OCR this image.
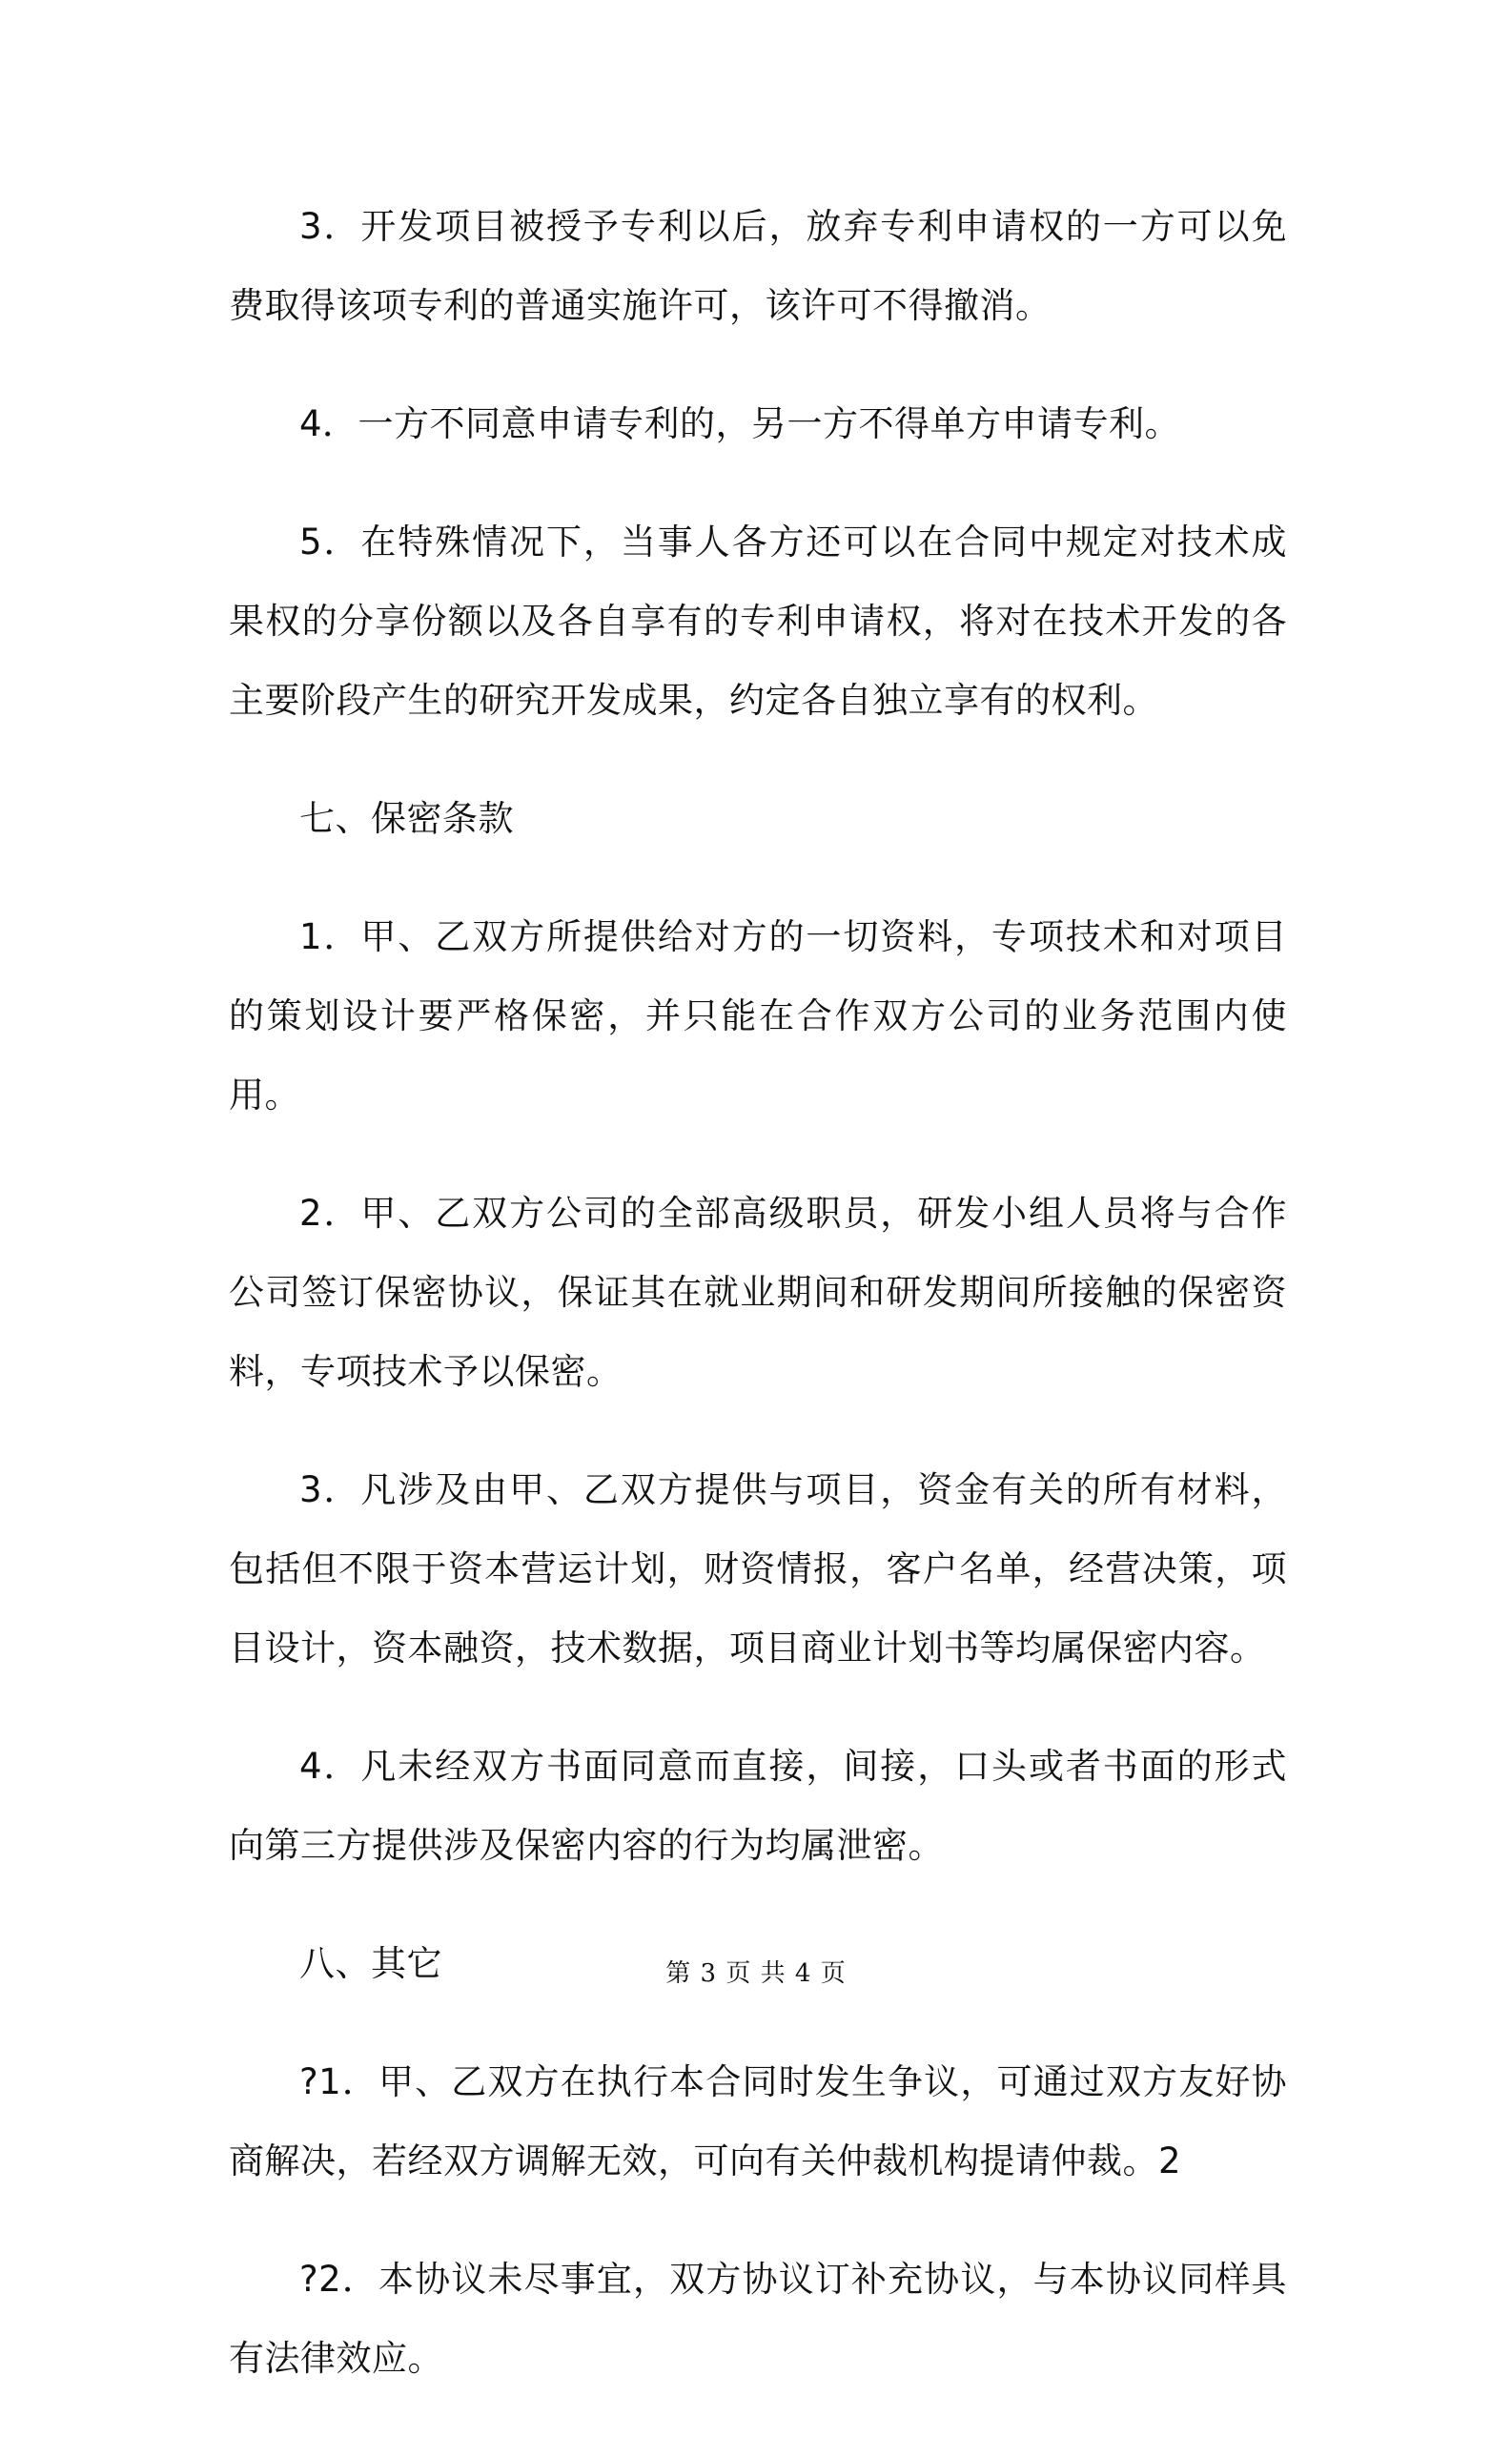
3．开发项目被授予专利以后，放弃专利申请权的一方可以免费取得该项专利的普通实施许可，该许可不得撤消。

4．一方不同意申请专利的，另一方不得单方申请专利。

5．在特殊情况下，当事人各方还可以在合同中规定对技术成果权的分享份额以及各自享有的专利申请权，将对在技术开发的各主要阶段产生的研究开发成果，约定各自独立享有的权利。

七、保密条款

1．甲、乙双方所提供给对方的一切资料，专项技术和对项目的策划设计要严格保密，并只能在合作双方公司的业务范围内使用。

2．甲、乙双方公司的全部高级职员，研发小组人员将与合作公司签订保密协议，保证其在就业期间和研发期间所接触的保密资料，专项技术予以保密。

3．凡涉及由甲、乙双方提供与项目，资金有关的所有材料，包括但不限于资本营运计划，财资情报，客户名单，经营决策，项目设计，资本融资，技术数据，项目商业计划书等均属保密内容。

4．凡未经双方书面同意而直接，间接，口头或者书面的形式向第三方提供涉及保密内容的行为均属泄密。

八、其它

?1．甲、乙双方在执行本合同时发生争议，可通过双方友好协商解决，若经双方调解无效，可向有关仲裁机构提请仲裁。2

?2．本协议未尽事宜，双方协议订补充协议，与本协议同样具有法律效应。

第 3 页 共 4 页
